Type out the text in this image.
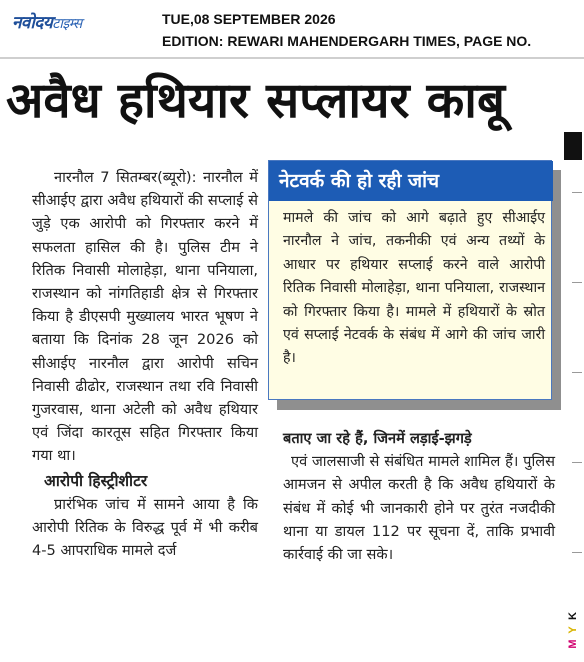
नवोदयटाइम्स	TUE,08 SEPTEMBER 2026
EDITION: REWARI MAHENDERGARH TIMES, PAGE NO.
अवैध हथियार सप्लायर काबू

नारनौल 7 सितम्बर(ब्यूरो): नारनौल में सीआईए द्वारा अवैध हथियारों की सप्लाई से जुड़े एक आरोपी को गिरफ्तार करने में सफलता हासिल की है। पुलिस टीम ने रितिक निवासी मोलाहेड़ा, थाना पनियाला, राजस्थान को नांगतिहाडी क्षेत्र से गिरफ्तार किया है डीएसपी मुख्यालय भारत भूषण ने बताया कि दिनांक 28 जून 2026 को सीआईए नारनौल द्वारा आरोपी सचिन निवासी ढीढोर, राजस्थान तथा रवि निवासी गुजरवास, थाना अटेली को अवैध हथियार एवं जिंदा कारतूस सहित गिरफ्तार किया गया था।

आरोपी हिस्ट्रीशीटर

प्रारंभिक जांच में सामने आया है कि आरोपी रितिक के विरुद्ध पूर्व में भी करीब 4-5 आपराधिक मामले दर्ज

नेटवर्क की हो रही जांच
मामले की जांच को आगे बढ़ाते हुए सीआईए नारनौल ने जांच, तकनीकी एवं अन्य तथ्यों के आधार पर हथियार सप्लाई करने वाले आरोपी रितिक निवासी मोलाहेड़ा, थाना पनियाला, राजस्थान को गिरफ्तार किया है। मामले में हथियारों के स्रोत एवं सप्लाई नेटवर्क के संबंध में आगे की जांच जारी है।
बताए जा रहे हैं, जिनमें लड़ाई-झगड़े

एवं जालसाजी से संबंधित मामले शामिल हैं। पुलिस आमजन से अपील करती है कि अवैध हथियारों के संबंध में कोई भी जानकारी होने पर तुरंत नजदीकी थाना या डायल 112 पर सूचना दें, ताकि प्रभावी कार्रवाई की जा सके।

K
Y
M
